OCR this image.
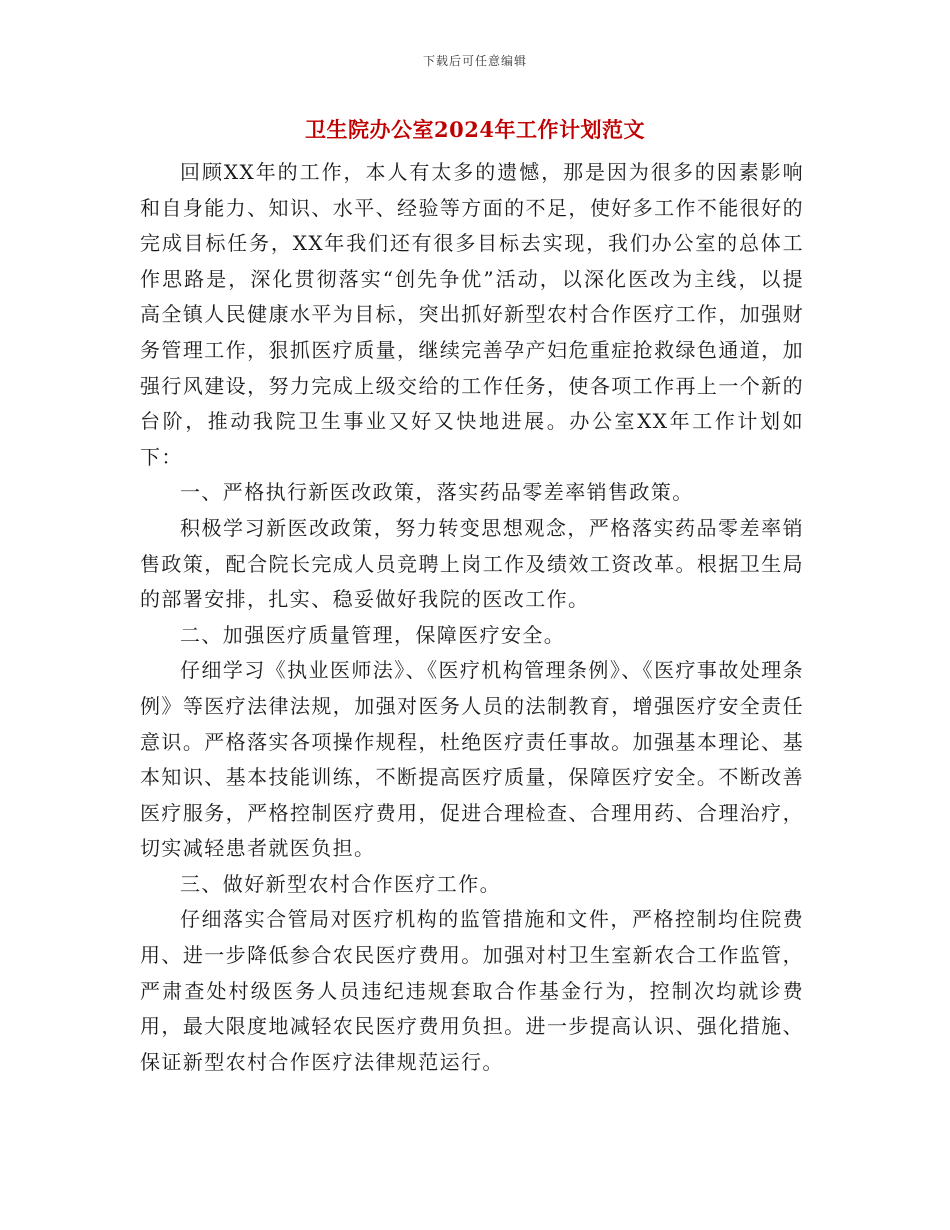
下载后可任意编辑
卫生院办公室2024年工作计划范文

回顾XX年的工作，本人有太多的遗憾，那是因为很多的因素影响和自身能力、知识、水平、经验等方面的不足，使好多工作不能很好的完成目标任务，XX年我们还有很多目标去实现，我们办公室的总体工作思路是，深化贯彻落实“创先争优”活动，以深化医改为主线，以提高全镇人民健康水平为目标，突出抓好新型农村合作医疗工作，加强财务管理工作，狠抓医疗质量，继续完善孕产妇危重症抢救绿色通道，加强行风建设，努力完成上级交给的工作任务，使各项工作再上一个新的台阶，推动我院卫生事业又好又快地进展。办公室XX年工作计划如下：

一、严格执行新医改政策，落实药品零差率销售政策。

积极学习新医改政策，努力转变思想观念，严格落实药品零差率销售政策，配合院长完成人员竞聘上岗工作及绩效工资改革。根据卫生局的部署安排，扎实、稳妥做好我院的医改工作。

二、加强医疗质量管理，保障医疗安全。

仔细学习《执业医师法》、《医疗机构管理条例》、《医疗事故处理条例》等医疗法律法规，加强对医务人员的法制教育，增强医疗安全责任意识。严格落实各项操作规程，杜绝医疗责任事故。加强基本理论、基本知识、基本技能训练，不断提高医疗质量，保障医疗安全。不断改善医疗服务，严格控制医疗费用，促进合理检查、合理用药、合理治疗，切实减轻患者就医负担。

三、做好新型农村合作医疗工作。

仔细落实合管局对医疗机构的监管措施和文件，严格控制均住院费用、进一步降低参合农民医疗费用。加强对村卫生室新农合工作监管，严肃查处村级医务人员违纪违规套取合作基金行为，控制次均就诊费用，最大限度地减轻农民医疗费用负担。进一步提高认识、强化措施、保证新型农村合作医疗法律规范运行。
